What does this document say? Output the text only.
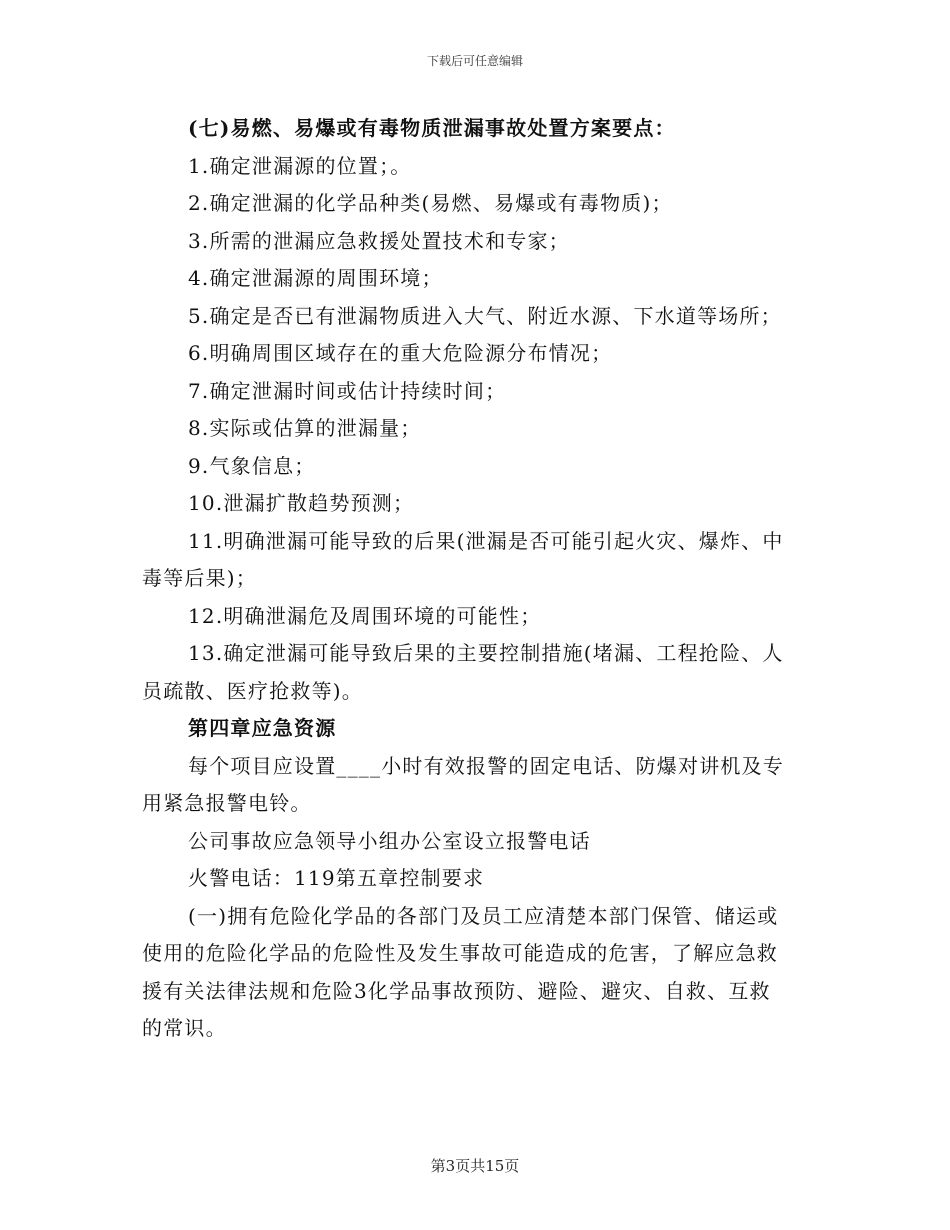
下载后可任意编辑
(七)易燃、易爆或有毒物质泄漏事故处置方案要点：
1.确定泄漏源的位置；。
2.确定泄漏的化学品种类(易燃、易爆或有毒物质)；
3.所需的泄漏应急救援处置技术和专家；
4.确定泄漏源的周围环境；
5.确定是否已有泄漏物质进入大气、附近水源、下水道等场所；
6.明确周围区域存在的重大危险源分布情况；
7.确定泄漏时间或估计持续时间；
8.实际或估算的泄漏量；
9.气象信息；
10.泄漏扩散趋势预测；
11.明确泄漏可能导致的后果(泄漏是否可能引起火灾、爆炸、中
毒等后果)；
12.明确泄漏危及周围环境的可能性；
13.确定泄漏可能导致后果的主要控制措施(堵漏、工程抢险、人
员疏散、医疗抢救等)。
第四章应急资源
每个项目应设置____小时有效报警的固定电话、防爆对讲机及专
用紧急报警电铃。
公司事故应急领导小组办公室设立报警电话
火警电话：119第五章控制要求
(一)拥有危险化学品的各部门及员工应清楚本部门保管、储运或
使用的危险化学品的危险性及发生事故可能造成的危害，了解应急救
援有关法律法规和危险3化学品事故预防、避险、避灾、自救、互救
的常识。
第3页共15页
